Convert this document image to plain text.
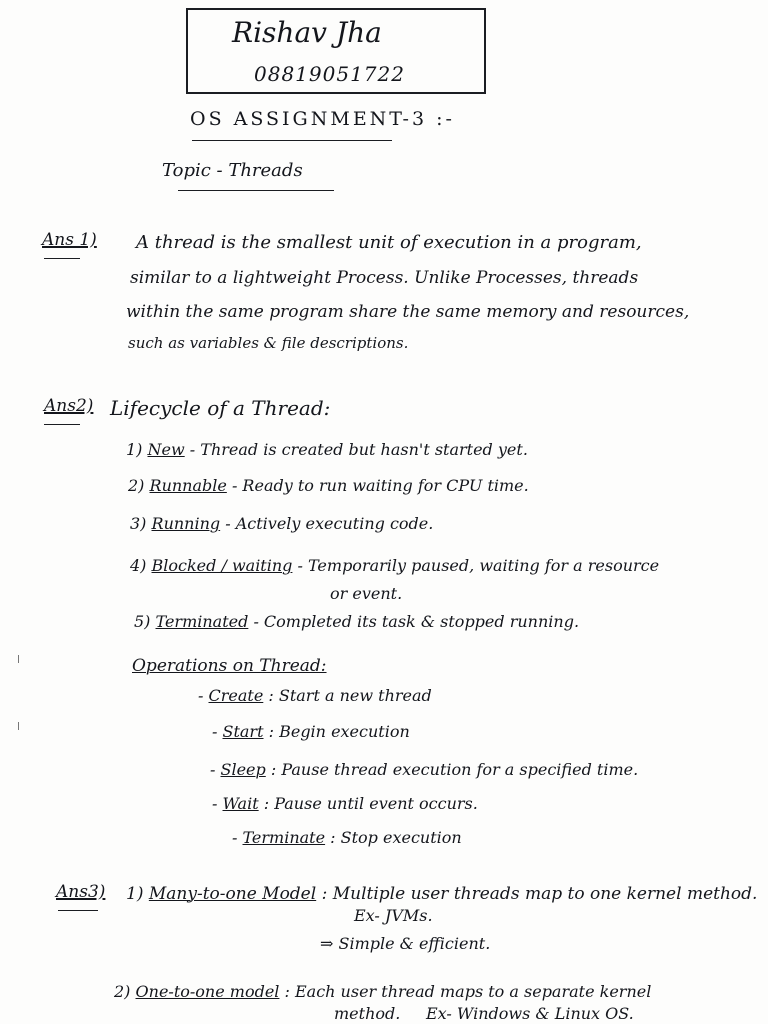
Rishav Jha
08819051722
OS ASSIGNMENT-3 :-
Topic - Threads
Ans 1) A thread is the smallest unit of execution in a program,
similar to a lightweight Process. Unlike Processes, threads
within the same program share the same memory and resources,
such as variables & file descriptions.
Ans2) Lifecycle of a Thread:
1) New - Thread is created but hasn't started yet.
2) Runnable - Ready to run waiting for CPU time.
3) Running - Actively executing code.
4) Blocked / waiting - Temporarily paused, waiting for a resource
or event.
5) Terminated - Completed its task & stopped running.
Operations on Thread:
- Create : Start a new thread
- Start : Begin execution
- Sleep : Pause thread execution for a specified time.
- Wait : Pause until event occurs.
- Terminate : Stop execution
Ans3) 1) Many-to-one Model : Multiple user threads map to one kernel method.
Ex- JVMs.
⇒ Simple & efficient.
2) One-to-one model : Each user thread maps to a separate kernel
method. Ex- Windows & Linux OS.
